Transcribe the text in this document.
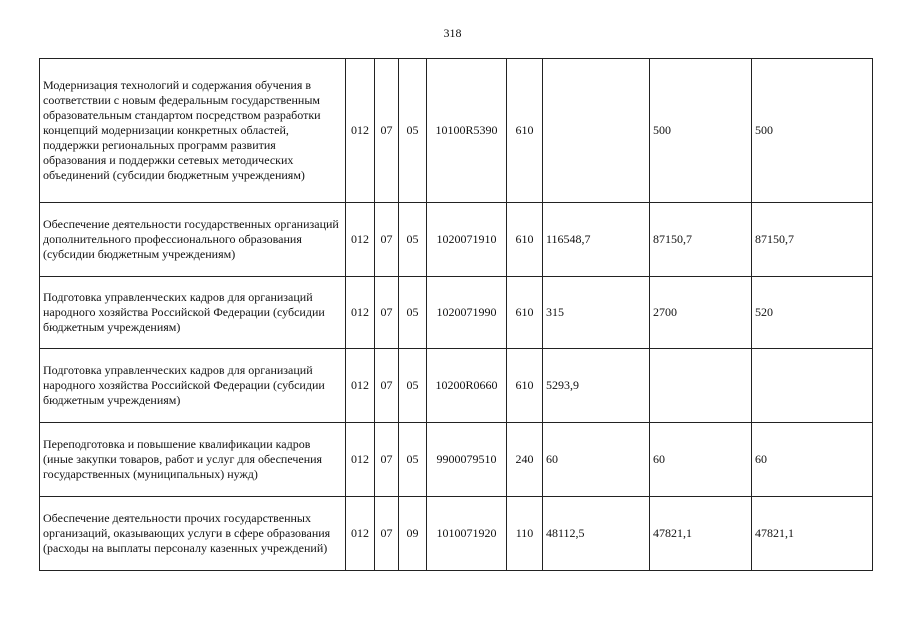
318
Модернизация технологий и содержания обучения в соответствии с новым федеральным государственным образовательным стандартом посредством разработки концепций модернизации конкретных областей, поддержки региональных программ развития образования и поддержки сетевых методических объединений (субсидии бюджетным учреждениям)	012	07	05	10100R5390	610		500	500
Обеспечение деятельности государственных организаций дополнительного профессионального образования (субсидии бюджетным учреждениям)	012	07	05	1020071910	610	116548,7	87150,7	87150,7
Подготовка управленческих кадров для организаций народного хозяйства Российской Федерации (субсидии бюджетным учреждениям)	012	07	05	1020071990	610	315	2700	520
Подготовка управленческих кадров для организаций народного хозяйства Российской Федерации (субсидии бюджетным учреждениям)	012	07	05	10200R0660	610	5293,9		
Переподготовка и повышение квалификации кадров (иные закупки товаров, работ и услуг для обеспечения государственных (муниципальных) нужд)	012	07	05	9900079510	240	60	60	60
Обеспечение деятельности прочих государственных организаций, оказывающих услуги в сфере образования (расходы на выплаты персоналу казенных учреждений)	012	07	09	1010071920	110	48112,5	47821,1	47821,1
